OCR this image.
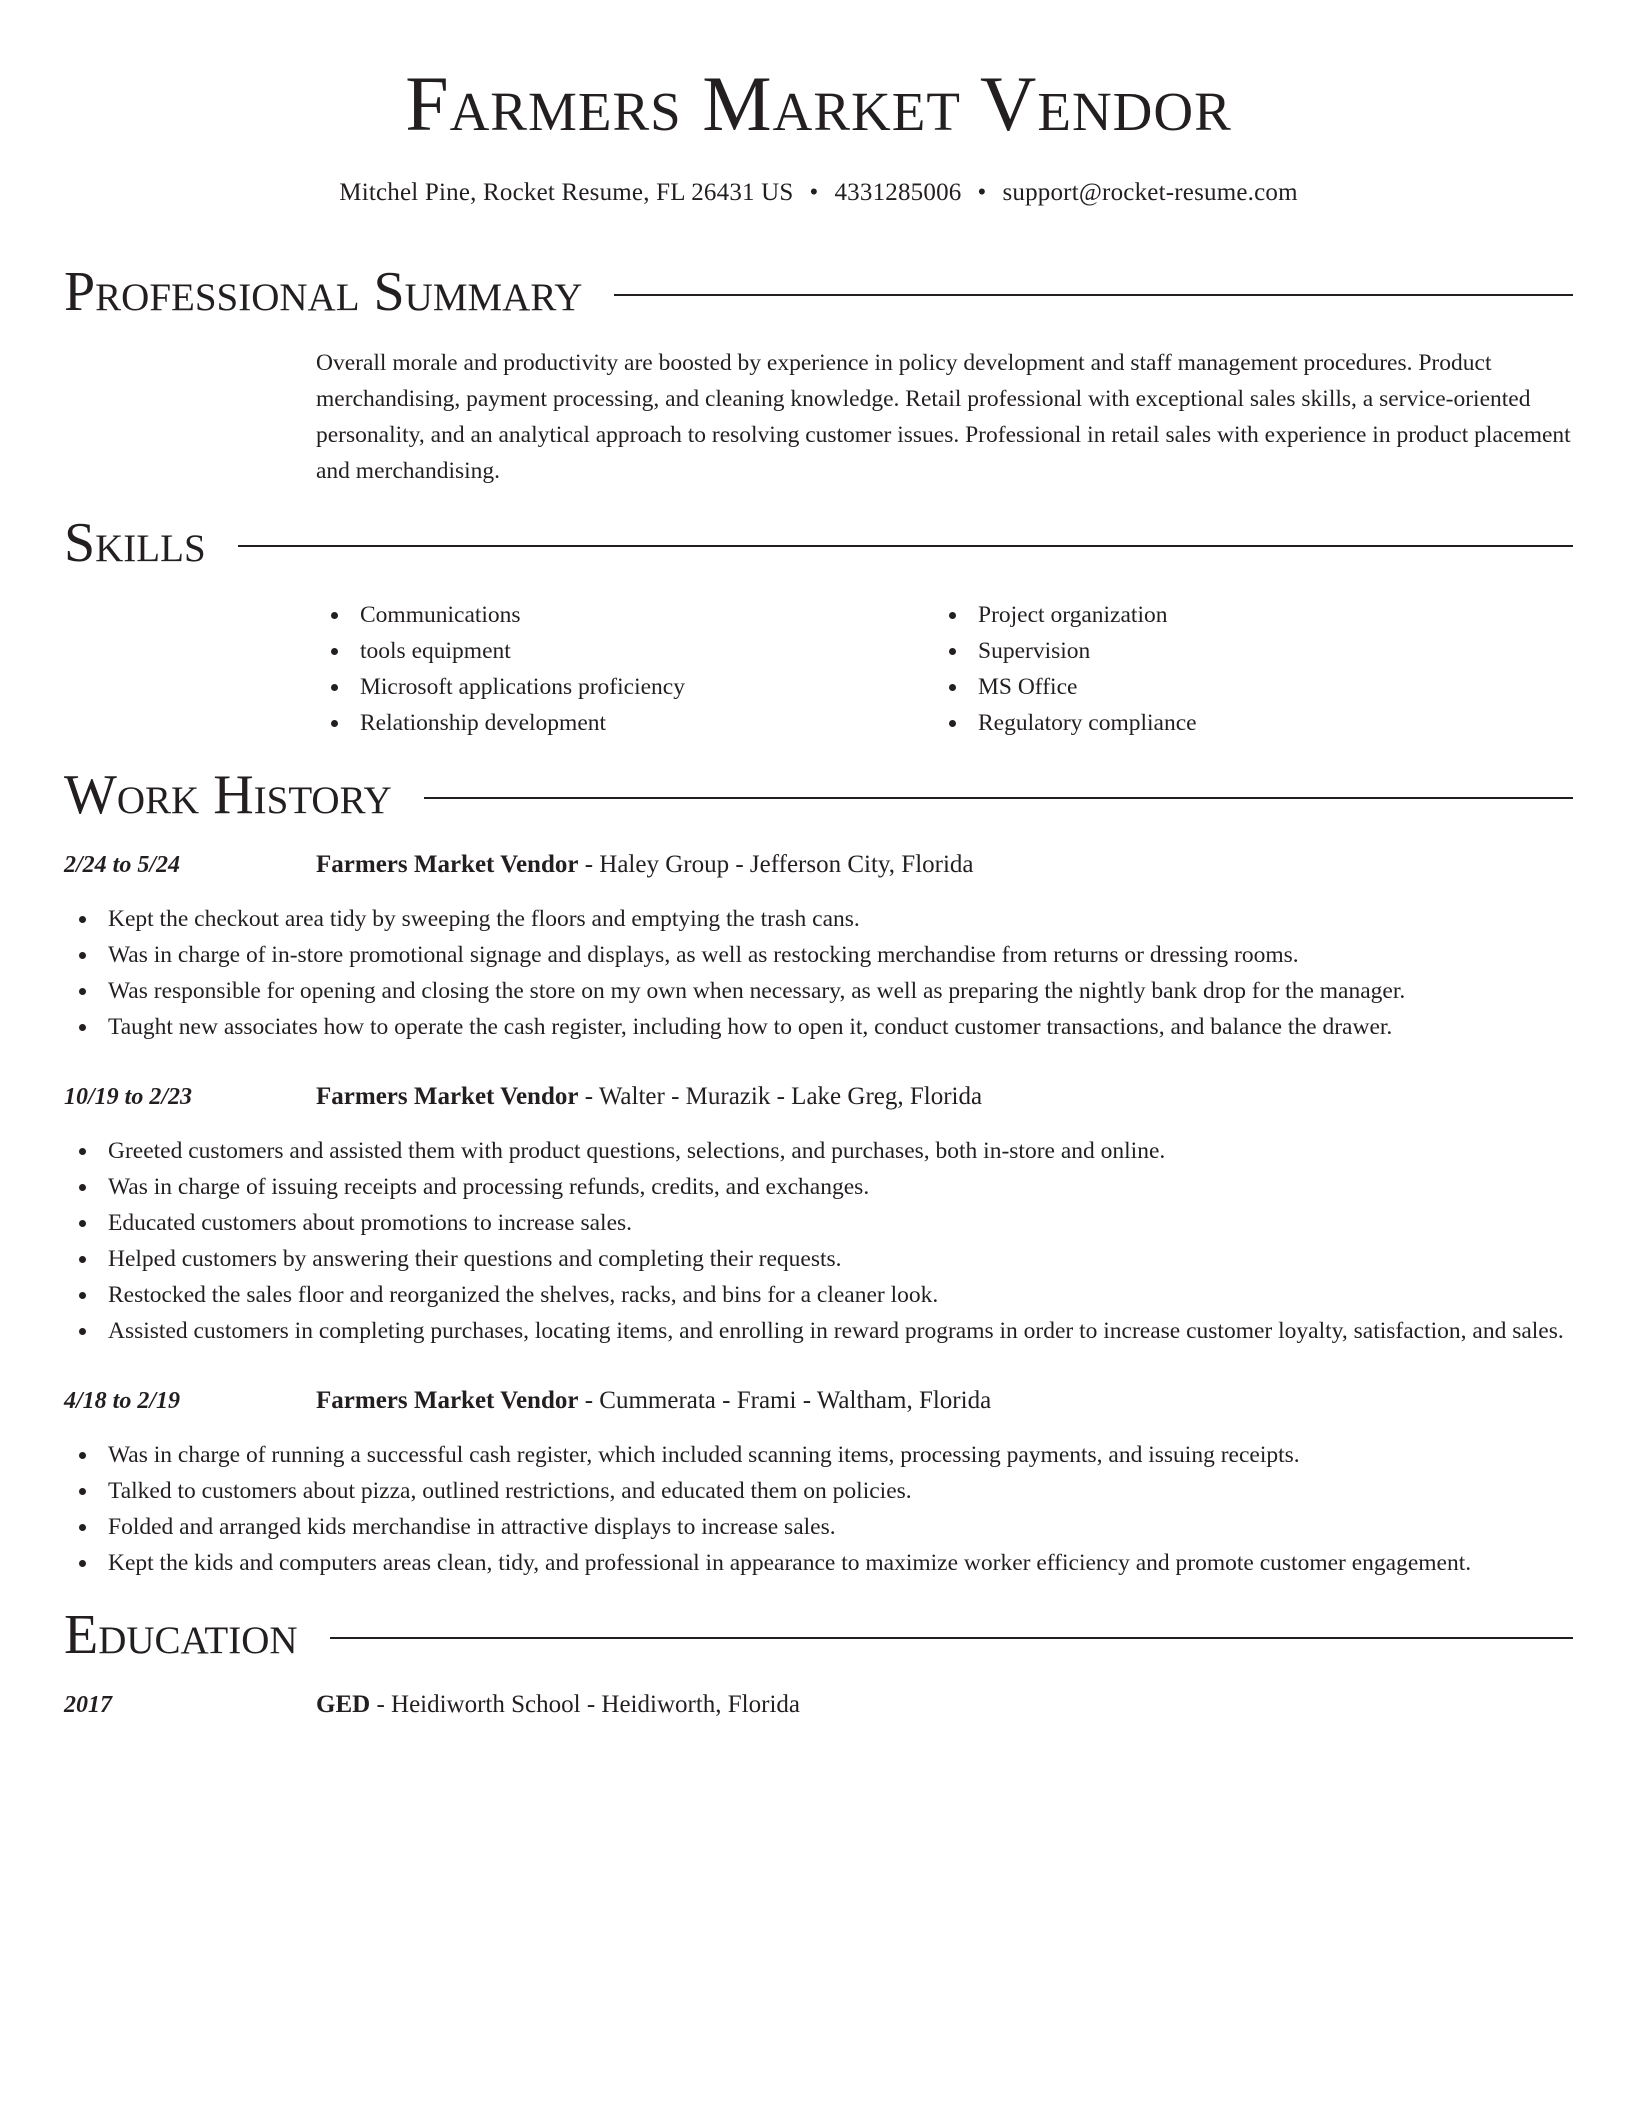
Farmers Market Vendor
Mitchel Pine, Rocket Resume, FL 26431 US • 4331285006 • support@rocket-resume.com
Professional Summary
Overall morale and productivity are boosted by experience in policy development and staff management procedures. Product merchandising, payment processing, and cleaning knowledge. Retail professional with exceptional sales skills, a service-oriented personality, and an analytical approach to resolving customer issues. Professional in retail sales with experience in product placement and merchandising.
Skills
Communications
tools equipment
Microsoft applications proficiency
Relationship development
Project organization
Supervision
MS Office
Regulatory compliance
Work History
2/24 to 5/24	Farmers Market Vendor - Haley Group - Jefferson City, Florida
Kept the checkout area tidy by sweeping the floors and emptying the trash cans.
Was in charge of in-store promotional signage and displays, as well as restocking merchandise from returns or dressing rooms.
Was responsible for opening and closing the store on my own when necessary, as well as preparing the nightly bank drop for the manager.
Taught new associates how to operate the cash register, including how to open it, conduct customer transactions, and balance the drawer.
10/19 to 2/23	Farmers Market Vendor - Walter - Murazik - Lake Greg, Florida
Greeted customers and assisted them with product questions, selections, and purchases, both in-store and online.
Was in charge of issuing receipts and processing refunds, credits, and exchanges.
Educated customers about promotions to increase sales.
Helped customers by answering their questions and completing their requests.
Restocked the sales floor and reorganized the shelves, racks, and bins for a cleaner look.
Assisted customers in completing purchases, locating items, and enrolling in reward programs in order to increase customer loyalty, satisfaction, and sales.
4/18 to 2/19	Farmers Market Vendor - Cummerata - Frami - Waltham, Florida
Was in charge of running a successful cash register, which included scanning items, processing payments, and issuing receipts.
Talked to customers about pizza, outlined restrictions, and educated them on policies.
Folded and arranged kids merchandise in attractive displays to increase sales.
Kept the kids and computers areas clean, tidy, and professional in appearance to maximize worker efficiency and promote customer engagement.
Education
2017	GED - Heidiworth School - Heidiworth, Florida
